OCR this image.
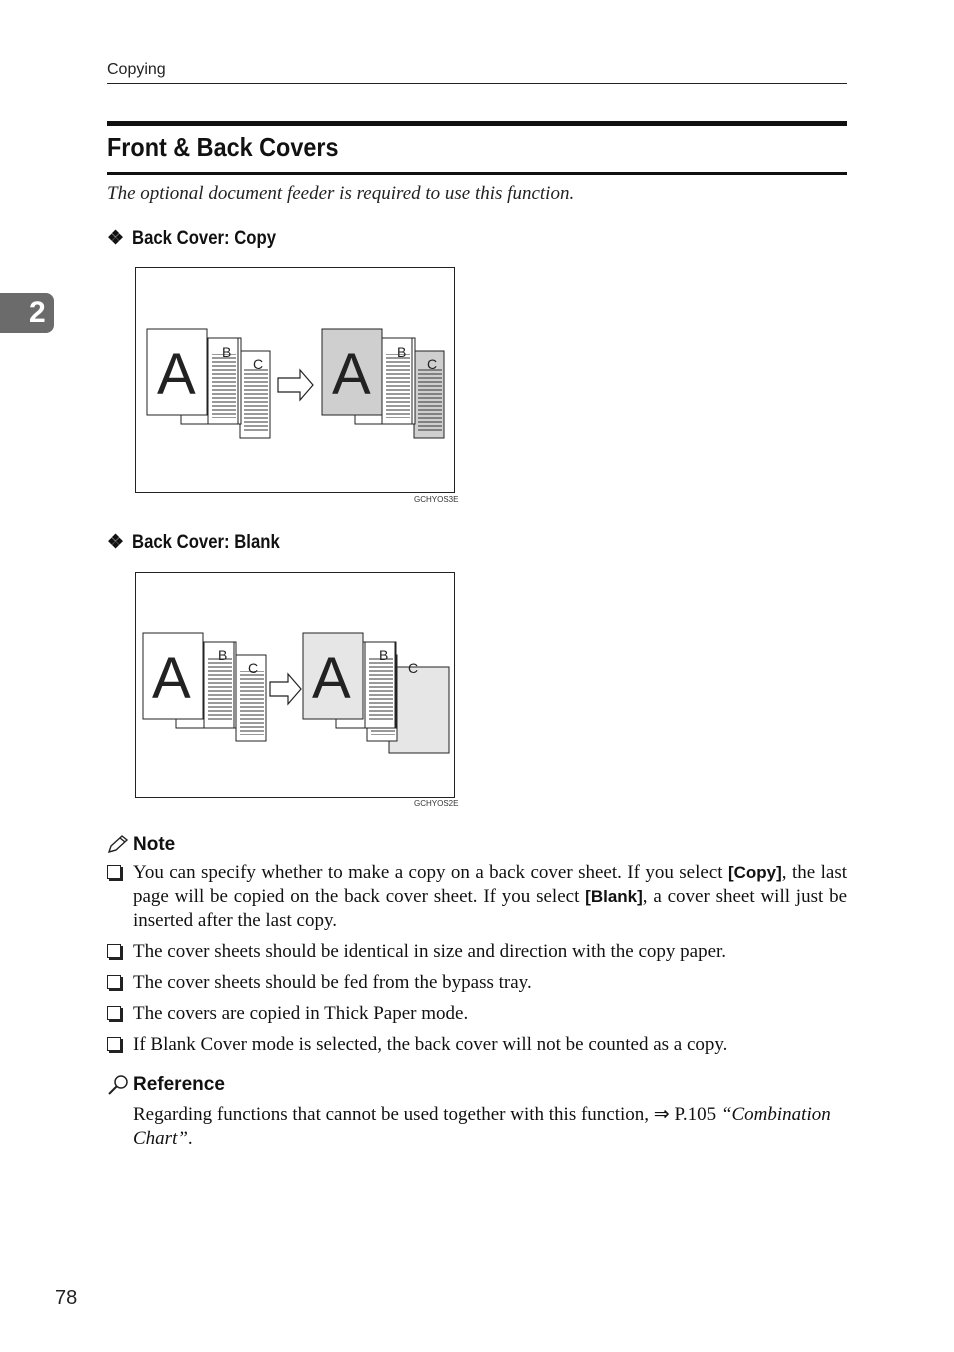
Copying
2
Front & Back Covers
The optional document feeder is required to use this function.
❖ Back Cover: Copy
C
B
A	C
B
A
GCHYOS3E
❖ Back Cover: Blank
C
B
A	C
B
A
GCHYOS2E
Note
You can specify whether to make a copy on a back cover sheet. If you select [Copy], the last page will be copied on the back cover sheet. If you select [Blank], a cover sheet will just be inserted after the last copy.
The cover sheets should be identical in size and direction with the copy paper.
The cover sheets should be fed from the bypass tray.
The covers are copied in Thick Paper mode.
If Blank Cover mode is selected, the back cover will not be counted as a copy.
Reference
Regarding functions that cannot be used together with this function, ⇒ P.105 “Combination Chart”.
78
